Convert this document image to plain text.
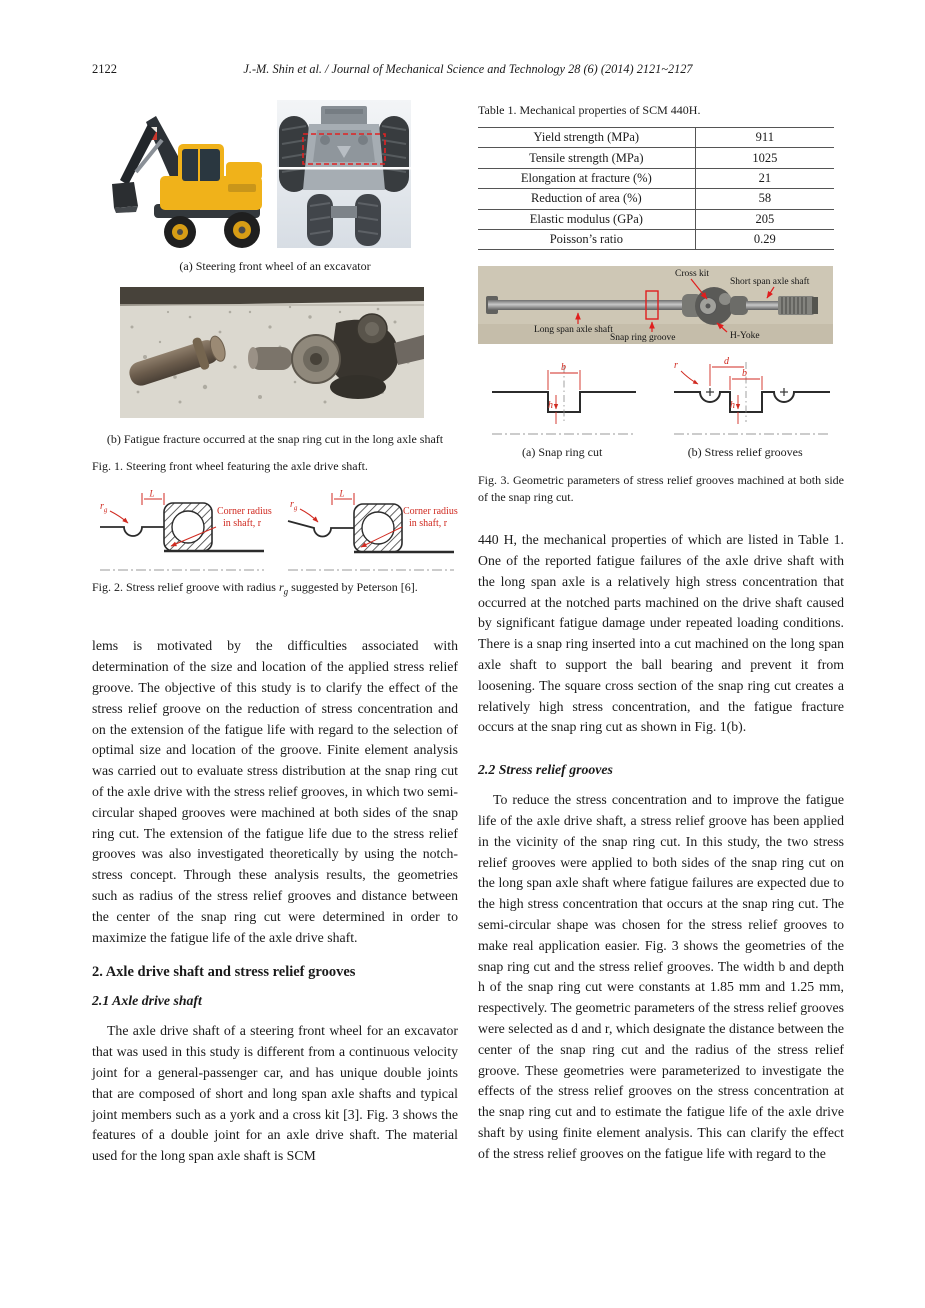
2122	J.-M. Shin et al. / Journal of Mechanical Science and Technology 28 (6) (2014) 2121~2127
(a) Steering front wheel of an excavator
(b) Fatigue fracture occurred at the snap ring cut in the long axle shaft
Fig. 1. Steering front wheel featuring the axle drive shaft.
$r_g$
L
Corner radius
in shaft, r
$r_g$
L
Corner radius
in shaft, r
Fig. 2. Stress relief groove with radius $r_g$ suggested by Peterson [6].
lems is motivated by the difficulties associated with determination of the size and location of the applied stress relief groove. The objective of this study is to clarify the effect of the stress relief groove on the reduction of stress concentration and on the extension of the fatigue life with regard to the selection of optimal size and location of the groove. Finite element analysis was carried out to evaluate stress distribution at the snap ring cut of the axle drive with the stress relief grooves, in which two semi-circular shaped grooves were machined at both sides of the snap ring cut. The extension of the fatigue life due to the stress relief grooves was also investigated theoretically by using the notch-stress concept. Through these analysis results, the geometries such as radius of the stress relief grooves and distance between the center of the snap ring cut were determined in order to maximize the fatigue life of the axle drive shaft.
2. Axle drive shaft and stress relief grooves
2.1 Axle drive shaft
The axle drive shaft of a steering front wheel for an excavator that was used in this study is different from a continuous velocity joint for a general-passenger car, and has unique double joints that are composed of short and long span axle shafts and typical joint members such as a york and a cross kit [3]. Fig. 3 shows the features of a double joint for an axle drive shaft. The material used for the long span axle shaft is SCM
Table 1. Mechanical properties of SCM 440H.
Yield strength (MPa)	911
Tensile strength (MPa)	1025
Elongation at fracture (%)	21
Reduction of area (%)	58
Elastic modulus (GPa)	205
Poisson’s ratio	0.29
Cross kit
Short span axle shaft
Long span axle shaft
Snap ring groove	H-Yoke
b
h
d
b
h
r
(a) Snap ring cut	(b) Stress relief grooves
Fig. 3. Geometric parameters of stress relief grooves machined at both side of the snap ring cut.
440 H, the mechanical properties of which are listed in Table 1. One of the reported fatigue failures of the axle drive shaft with the long span axle is a relatively high stress concentration that occurred at the notched parts machined on the drive shaft caused by significant fatigue damage under repeated loading conditions. There is a snap ring inserted into a cut machined on the long span axle shaft to support the ball bearing and prevent it from loosening. The square cross section of the snap ring cut creates a relatively high stress concentration, and the fatigue fracture occurs at the snap ring cut as shown in Fig. 1(b).
2.2 Stress relief grooves
To reduce the stress concentration and to improve the fatigue life of the axle drive shaft, a stress relief groove has been applied in the vicinity of the snap ring cut. In this study, the two stress relief grooves were applied to both sides of the snap ring cut on the long span axle shaft where fatigue failures are expected due to the high stress concentration that occurs at the snap ring cut. The semi-circular shape was chosen for the stress relief grooves to make real application easier. Fig. 3 shows the geometries of the snap ring cut and the stress relief grooves. The width b and depth h of the snap ring cut were constants at 1.85 mm and 1.25 mm, respectively. The geometric parameters of the stress relief grooves were selected as d and r, which designate the distance between the center of the snap ring cut and the radius of the stress relief groove. These geometries were parameterized to investigate the effects of the stress relief grooves on the stress concentration at the snap ring cut and to estimate the fatigue life of the axle drive shaft by using finite element analysis. This can clarify the effect of the stress relief grooves on the fatigue life with regard to the
